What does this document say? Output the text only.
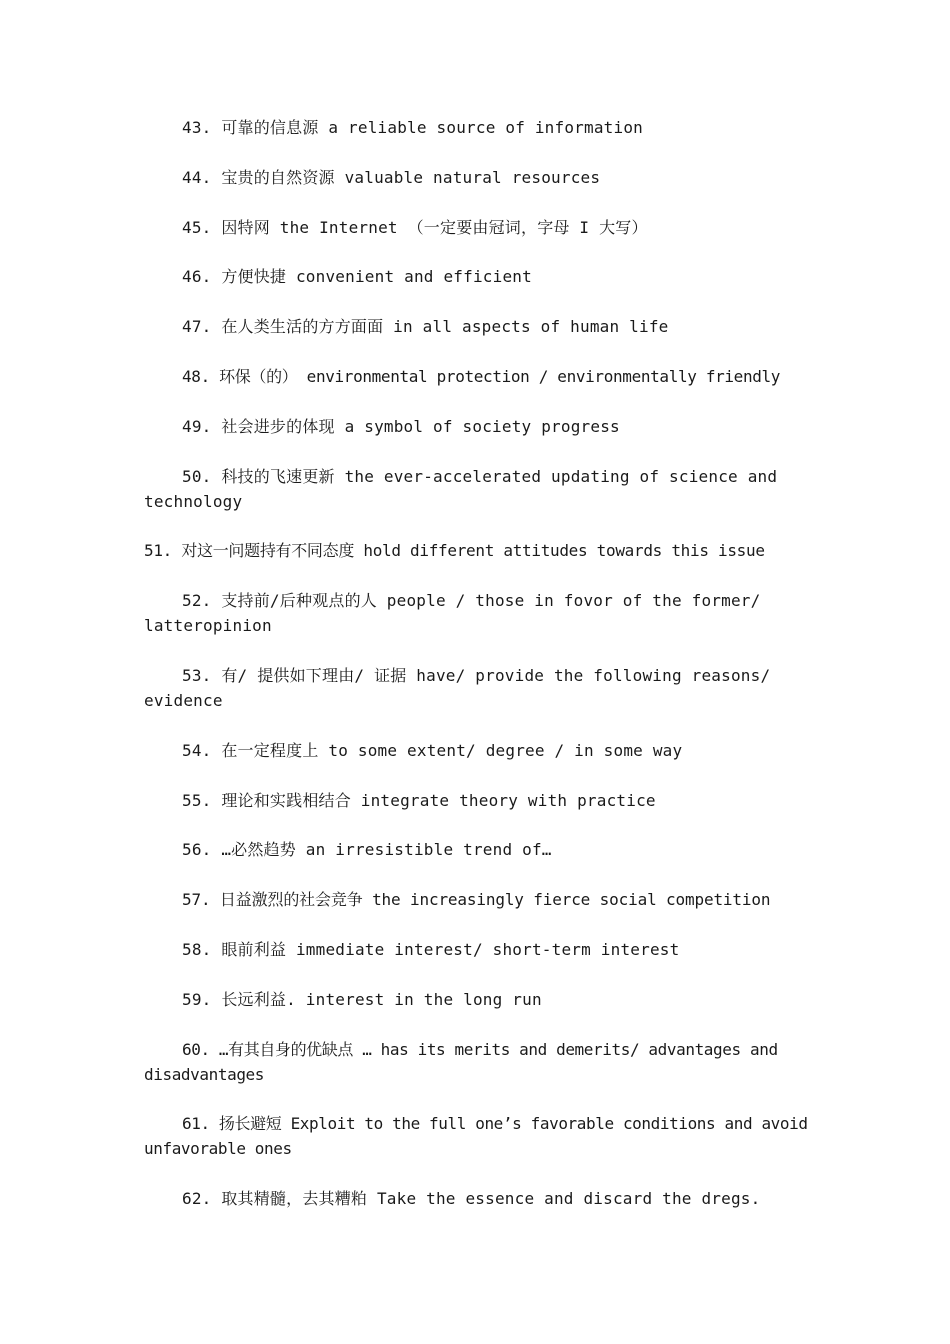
43. 可靠的信息源 a reliable source of information

44. 宝贵的自然资源 valuable natural resources

45. 因特网 the Internet （一定要由冠词，字母 I 大写）

46. 方便快捷 convenient and efficient

47. 在人类生活的方方面面 in all aspects of human life

48. 环保（的） environmental protection / environmentally friendly

49. 社会进步的体现 a symbol of society progress

50. 科技的飞速更新 the ever-accelerated updating of science and technology

51. 对这一问题持有不同态度 hold different attitudes towards this issue

52. 支持前/后种观点的人 people / those in fovor of the former/ latteropinion

53. 有/ 提供如下理由/ 证据 have/ provide the following reasons/ evidence

54. 在一定程度上 to some extent/ degree / in some way

55. 理论和实践相结合 integrate theory with practice

56. …必然趋势 an irresistible trend of…

57. 日益激烈的社会竞争 the increasingly fierce social competition

58. 眼前利益 immediate interest/ short-term interest

59. 长远利益. interest in the long run

60. …有其自身的优缺点 … has its merits and demerits/ advantages and disadvantages

61. 扬长避短 Exploit to the full one’s favorable conditions and avoid unfavorable ones

62. 取其精髓，去其糟粕 Take the essence and discard the dregs.
